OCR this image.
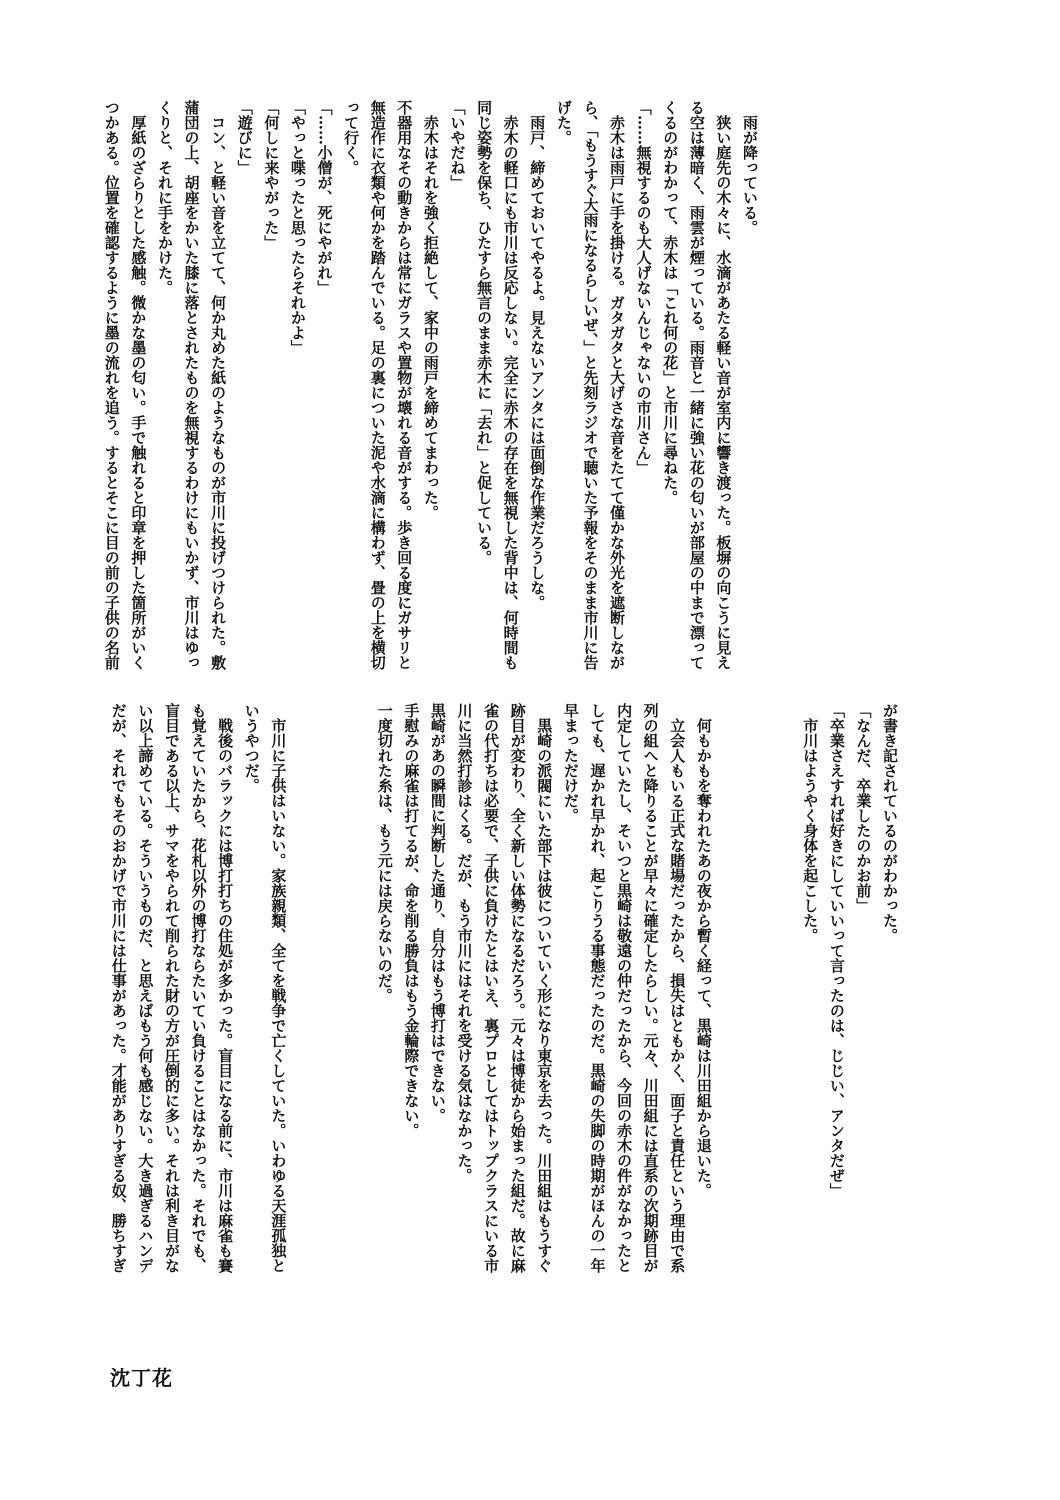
　雨が降っている。
　狭い庭先の木々に、水滴があたる軽い音が室内に響き渡った。板塀の向こうに見え
る空は薄暗く、雨雲が煙っている。雨音と一緒に強い花の匂いが部屋の中まで漂って
くるのがわかって、赤木は「これ何の花」と市川に尋ねた。
「……無視するのも大人げないんじゃないの市川さん」
　赤木は雨戸に手を掛ける。ガタガタと大げさな音をたてて僅かな外光を遮断しなが
ら、「もうすぐ大雨になるらしいぜ、」と先刻ラジオで聴いた予報をそのまま市川に告
げた。
　雨戸、締めておいてやるよ。見えないアンタには面倒な作業だろうしな。
　赤木の軽口にも市川は反応しない。完全に赤木の存在を無視した背中は、何時間も
同じ姿勢を保ち、ひたすら無言のまま赤木に「去れ」と促している。
「いやだね」
　赤木はそれを強く拒絶して、家中の雨戸を締めてまわった。
不器用なその動きからは常にガラスや置物が壊れる音がする。歩き回る度にガサリと
無造作に衣類や何かを踏んでいる。足の裏についた泥や水滴に構わず、畳の上を横切
って行く。
「……小僧が、死にやがれ」
「やっと喋ったと思ったらそれかよ」
「何しに来やがった」
「遊びに」
　コン、と軽い音を立てて、何か丸めた紙のようなものが市川に投げつけられた。敷
蒲団の上、胡座をかいた膝に落とされたものを無視するわけにもいかず、市川はゆっ
くりと、それに手をかけた。
　厚紙のざらりとした感触。微かな墨の匂い。手で触れると印章を押した箇所がいく
つかある。位置を確認するように墨の流れを追う。するとそこに目の前の子供の名前
が書き記されているのがわかった。
「なんだ、卒業したのかお前」
「卒業さえすれば好きにしていいって言ったのは、じじい、アンタだぜ」
　市川はようやく身体を起こした。
　何もかもを奪われたあの夜から暫く経って、黒崎は川田組から退いた。
　立会人もいる正式な賭場だったから、損失はともかく、面子と責任という理由で系
列の組へと降りることが早々に確定したらしい。元々、川田組には直系の次期跡目が
内定していたし、そいつと黒崎は敬遠の仲だったから、今回の赤木の件がなかったと
しても、遅かれ早かれ、起こりうる事態だったのだ。黒崎の失脚の時期がほんの一年
早まっただけだ。
　黒崎の派閥にいた部下は彼についていく形になり東京を去った。川田組はもうすぐ
跡目が変わり、全く新しい体勢になるだろう。元々は博徒から始まった組だ。故に麻
雀の代打ちは必要で、子供に負けたとはいえ、裏プロとしてはトップクラスにいる市
川に当然打診はくる。だが、もう市川にはそれを受ける気はなかった。
黒崎があの瞬間に判断した通り、自分はもう博打はできない。
手慰みの麻雀は打てるが、命を削る勝負はもう金輪際できない。
一度切れた糸は、もう元には戻らないのだ。
　市川に子供はいない。家族親類、全てを戦争で亡くしていた。いわゆる天涯孤独と
いうやつだ。
　戦後のバラックには博打打ちの住処が多かった。盲目になる前に、市川は麻雀も賽
も覚えていたから、花札以外の博打ならたいてい負けることはなかった。それでも、
盲目である以上、サマをやられて削られた財の方が圧倒的に多い。それは利き目がな
い以上諦めている。そういうものだ、と思えばもう何も感じない。大き過ぎるハンデ
だが、それでもそのおかげで市川には仕事があった。才能がありすぎる奴、勝ちすぎ
沈丁花
